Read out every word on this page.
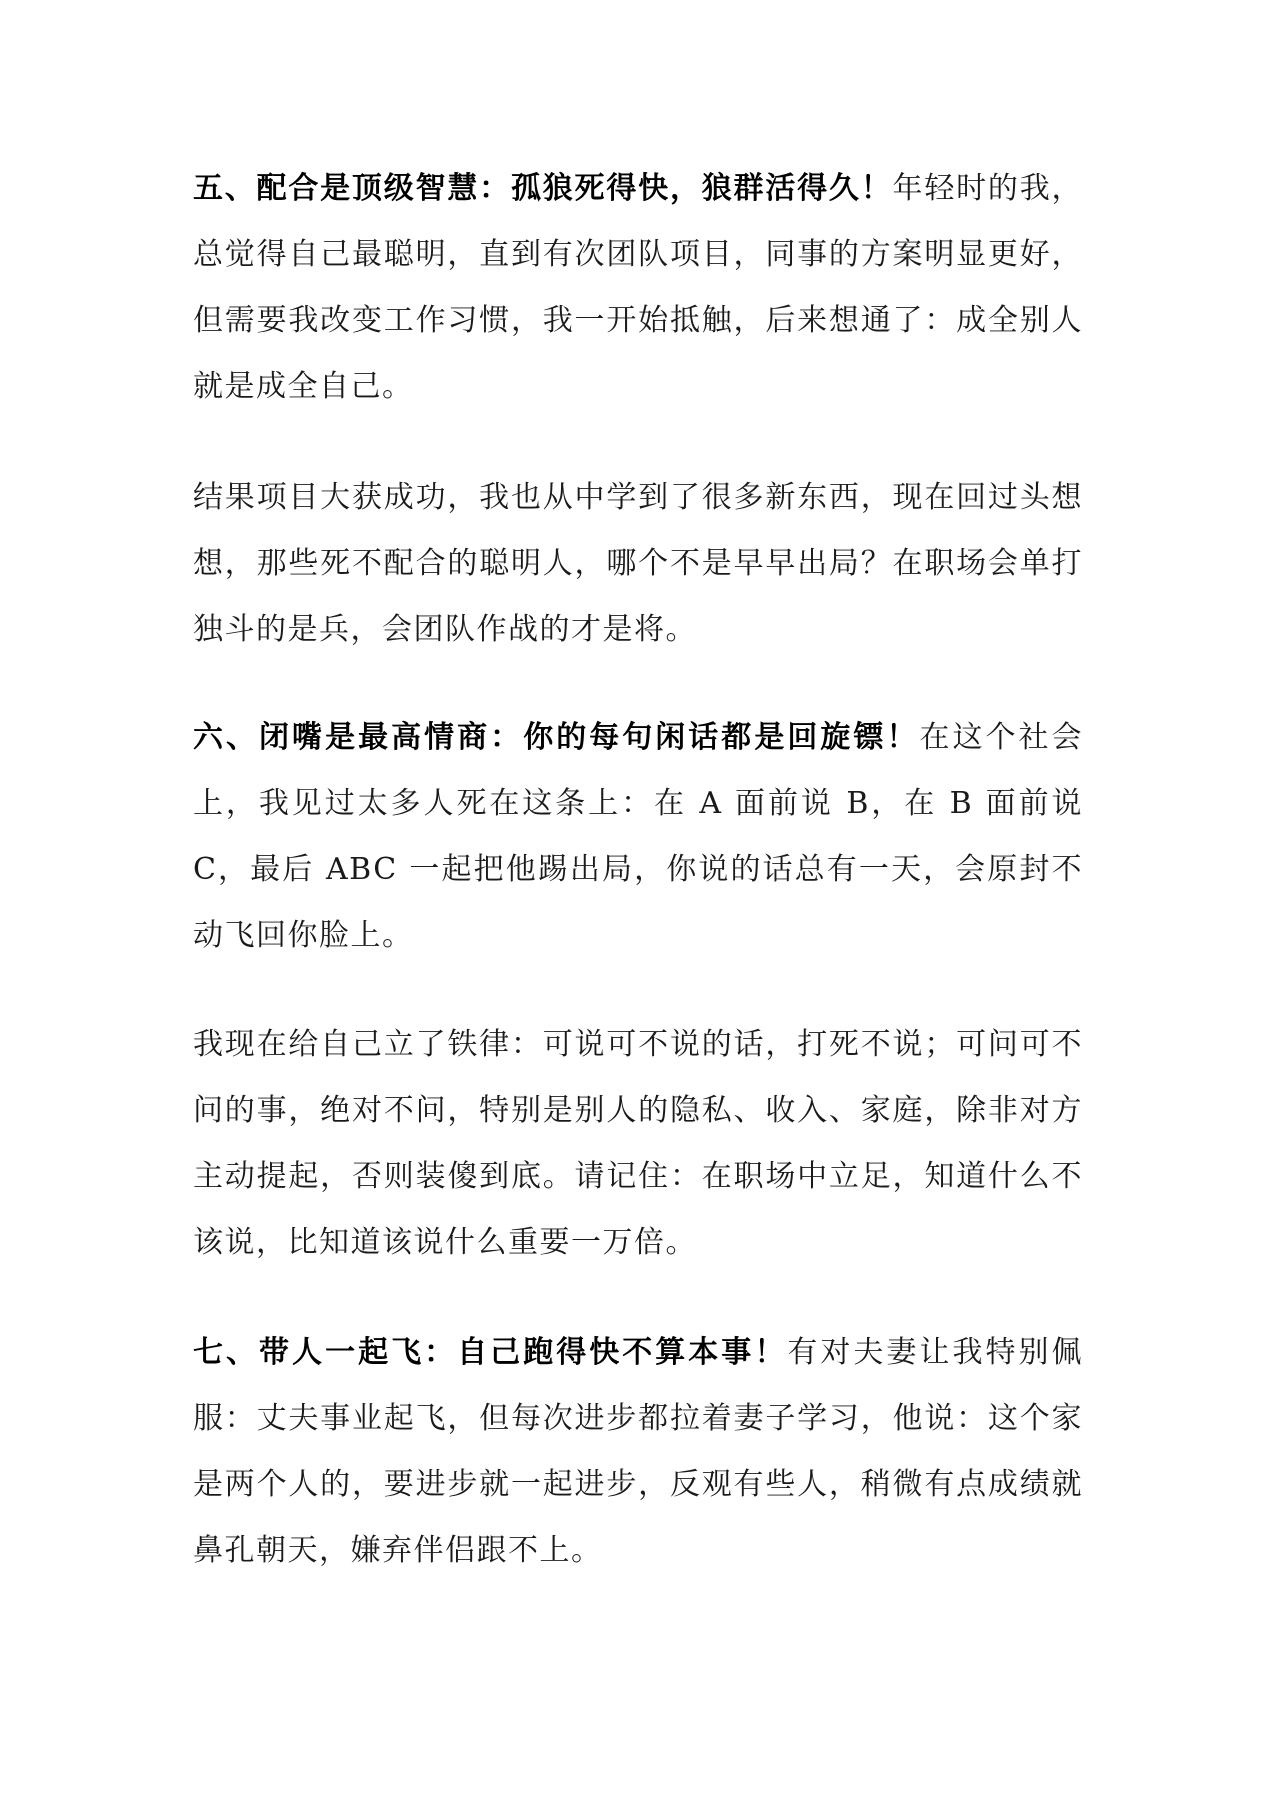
五、配合是顶级智慧：孤狼死得快，狼群活得久！年轻时的我，总觉得自己最聪明，直到有次团队项目，同事的方案明显更好，但需要我改变工作习惯，我一开始抵触，后来想通了：成全别人就是成全自己。

结果项目大获成功，我也从中学到了很多新东西，现在回过头想想，那些死不配合的聪明人，哪个不是早早出局？在职场会单打独斗的是兵，会团队作战的才是将。

六、闭嘴是最高情商：你的每句闲话都是回旋镖！在这个社会上，我见过太多人死在这条上：在 A 面前说 B，在 B 面前说 C，最后 ABC 一起把他踢出局，你说的话总有一天，会原封不动飞回你脸上。

我现在给自己立了铁律：可说可不说的话，打死不说；可问可不问的事，绝对不问，特别是别人的隐私、收入、家庭，除非对方主动提起，否则装傻到底。请记住：在职场中立足，知道什么不该说，比知道该说什么重要一万倍。

七、带人一起飞：自己跑得快不算本事！有对夫妻让我特别佩服：丈夫事业起飞，但每次进步都拉着妻子学习，他说：这个家是两个人的，要进步就一起进步，反观有些人，稍微有点成绩就鼻孔朝天，嫌弃伴侣跟不上。
